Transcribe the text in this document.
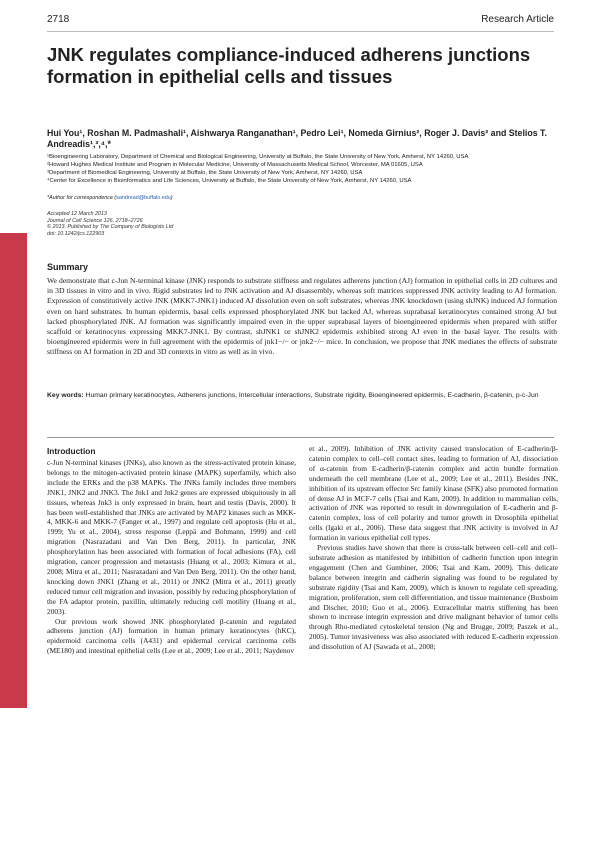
2718	Research Article
Journal of Cell Science
JNK regulates compliance-induced adherens junctions formation in epithelial cells and tissues
Hui You¹, Roshan M. Padmashali¹, Aishwarya Ranganathan¹, Pedro Lei¹, Nomeda Girnius², Roger J. Davis² and Stelios T. Andreadis¹,³,⁴,*

¹Bioengineering Laboratory, Department of Chemical and Biological Engineering, University at Buffalo, the State University of New York, Amherst, NY 14260, USA

²Howard Hughes Medical Institute and Program in Molecular Medicine, University of Massachusetts Medical School, Worcester, MA 01605, USA

³Department of Biomedical Engineering, University at Buffalo, the State University of New York, Amherst, NY 14260, USA

⁴Center for Excellence in Bioinformatics and Life Sciences, University at Buffalo, the State University of New York, Amherst, NY 14260, USA

*Author for correspondence (sandread@buffalo.edu)
Accepted 12 March 2013
Journal of Cell Science 126, 2718–2726
© 2013. Published by The Company of Biologists Ltd
doi: 10.1242/jcs.122903
Summary
We demonstrate that c-Jun N-terminal kinase (JNK) responds to substrate stiffness and regulates adherens junction (AJ) formation in epithelial cells in 2D cultures and in 3D tissues in vitro and in vivo. Rigid substrates led to JNK activation and AJ disassembly, whereas soft matrices suppressed JNK activity leading to AJ formation. Expression of constitutively active JNK (MKK7-JNK1) induced AJ dissolution even on soft substrates, whereas JNK knockdown (using shJNK) induced AJ formation even on hard substrates. In human epidermis, basal cells expressed phosphorylated JNK but lacked AJ, whereas suprabasal keratinocytes contained strong AJ but lacked phosphorylated JNK. AJ formation was significantly impaired even in the upper suprabasal layers of bioengineered epidermis when prepared with stiffer scaffold or keratinocytes expressing MKK7-JNK1. By contrast, shJNK1 or shJNK2 epidermis exhibited strong AJ even in the basal layer. The results with bioengineered epidermis were in full agreement with the epidermis of jnk1−/− or jnk2−/− mice. In conclusion, we propose that JNK mediates the effects of substrate stiffness on AJ formation in 2D and 3D contexts in vitro as well as in vivo.
Key words: Human primary keratinocytes, Adherens junctions, Intercellular interactions, Substrate rigidity, Bioengineered epidermis, E-cadherin, β-catenin, p-c-Jun
Introduction

c-Jun N-terminal kinases (JNKs), also known as the stress-activated protein kinase, belongs to the mitogen-activated protein kinase (MAPK) superfamily, which also include the ERKs and the p38 MAPKs. The JNKs family includes three members JNK1, JNK2 and JNK3. The Jnk1 and Jnk2 genes are expressed ubiquitously in all tissues, whereas Jnk3 is only expressed in brain, heart and testis (Davis, 2000). It has been well-established that JNKs are activated by MAP2 kinases such as MKK-4, MKK-6 and MKK-7 (Fanger et al., 1997) and regulate cell apoptosis (Hu et al., 1999; Yu et al., 2004), stress response (Leppä and Bohmann, 1999) and cell migration (Nasrazadani and Van Den Berg, 2011). In particular, JNK phosphorylation has been associated with formation of focal adhesions (FA), cell migration, cancer progression and metastasis (Huang et al., 2003; Kimura et al., 2008; Mitra et al., 2011; Nasrazadani and Van Den Berg, 2011). On the other hand, knocking down JNK1 (Zhang et al., 2011) or JNK2 (Mitra et al., 2011) greatly reduced tumor cell migration and invasion, possibly by reducing phosphorylation of the FA adaptor protein, paxillin, ultimately reducing cell motility (Huang et al., 2003).

Our previous work showed JNK phosphorylated β-catenin and regulated adherens junction (AJ) formation in human primary keratinocytes (hKC), epidermoid carcinoma cells (A431) and epidermal cervical carcinoma cells (ME180) and intestinal epithelial cells (Lee et al., 2009; Lee et al., 2011; Naydenov

et al., 2009). Inhibition of JNK activity caused translocation of E-cadherin/β-catenin complex to cell–cell contact sites, leading to formation of AJ, dissociation of α-catenin from E-cadherin/β-catenin complex and actin bundle formation underneath the cell membrane (Lee et al., 2009; Lee et al., 2011). Besides JNK, inhibition of its upstream effector Src family kinase (SFK) also promoted formation of dense AJ in MCF-7 cells (Tsai and Kam, 2009). In addition to mammalian cells, activation of JNK was reported to result in downregulation of E-cadherin and β-catenin complex, loss of cell polarity and tumor growth in Drosophila epithelial cells (Igaki et al., 2006). These data suggest that JNK activity is involved in AJ formation in various epithelial cell types.

Previous studies have shown that there is cross-talk between cell–cell and cell–substrate adhesion as manifested by inhibition of cadherin function upon integrin engagement (Chen and Gumbiner, 2006; Tsai and Kam, 2009). This delicate balance between integrin and cadherin signaling was found to be regulated by substrate rigidity (Tsai and Kam, 2009), which is known to regulate cell spreading, migration, proliferation, stem cell differentiation, and tissue maintenance (Buxboim and Discher, 2010; Guo et al., 2006). Extracellular matrix stiffening has been shown to increase integrin expression and drive malignant behavior of tumor cells through Rho-mediated cytoskeletal tension (Ng and Brugge, 2009; Paszek et al., 2005). Tumor invasiveness was also associated with reduced E-cadherin expression and dissolution of AJ (Sawada et al., 2008;
